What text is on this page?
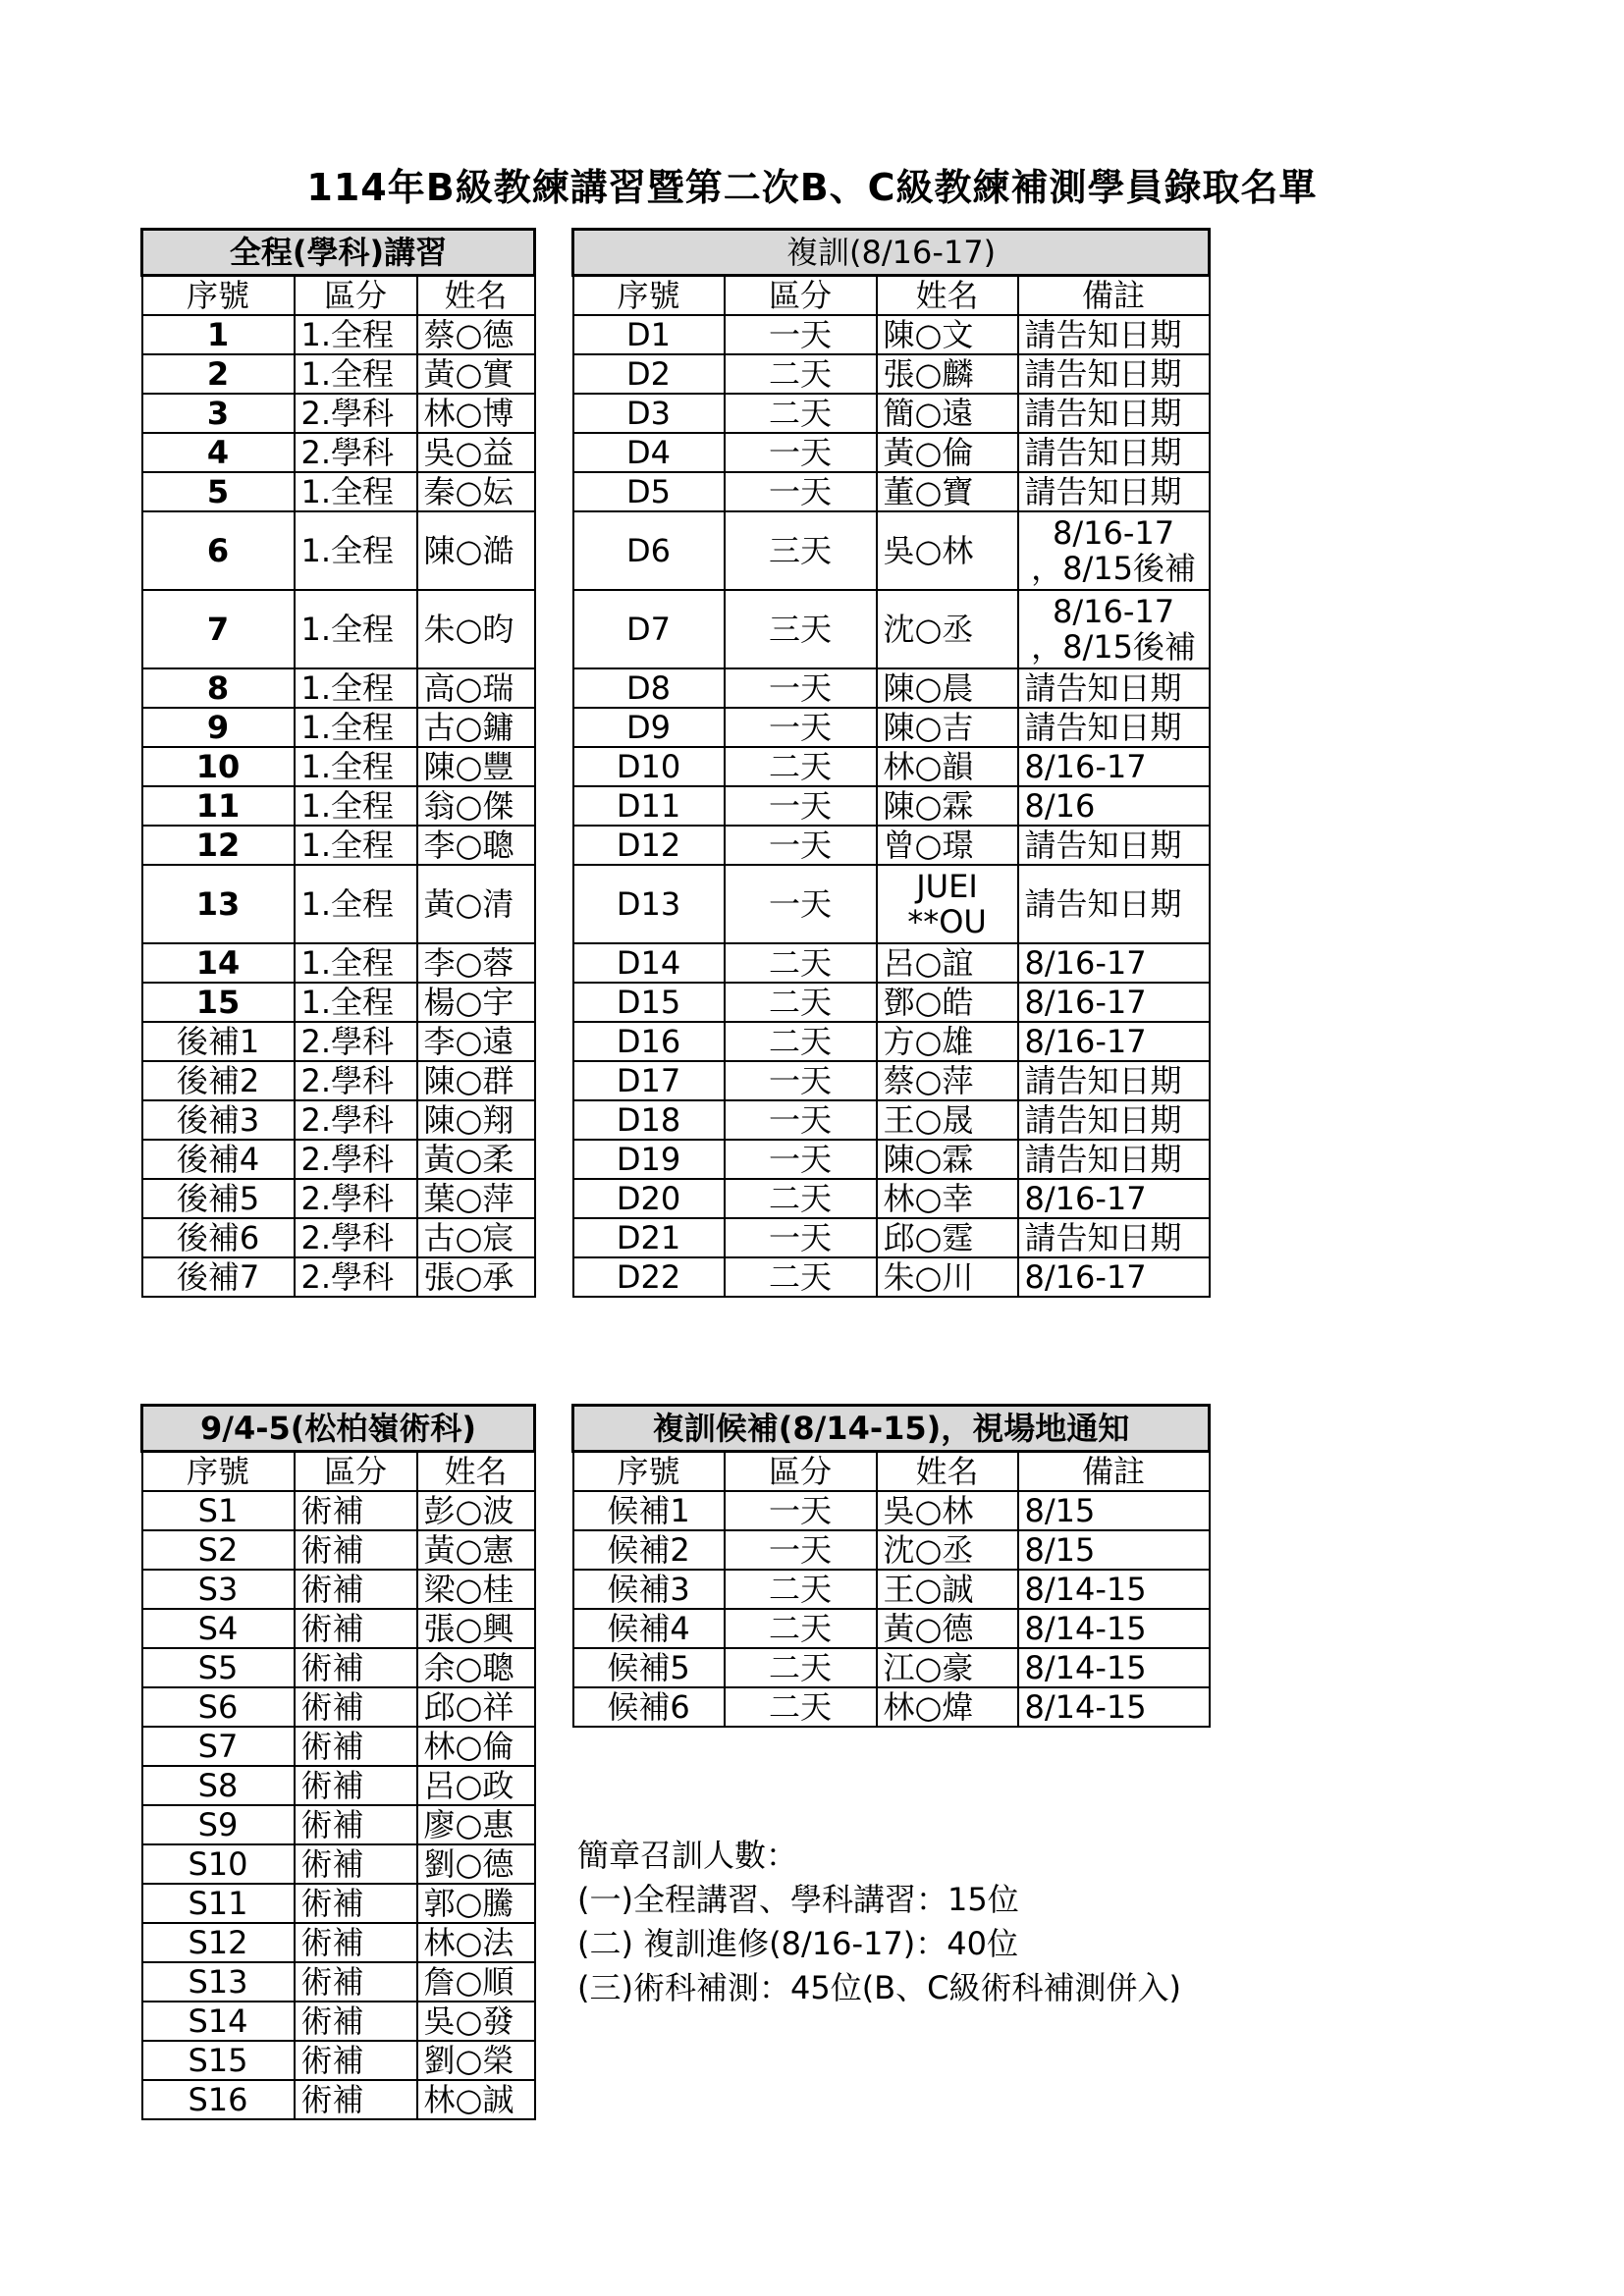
114年B級教練講習暨第二次B、C級教練補測學員錄取名單
全程(學科)講習		
序號	區分	姓名
1	1.全程	蔡○德
2	1.全程	黃○實
3	2.學科	林○博
4	2.學科	吳○益
5	1.全程	秦○妘
6	1.全程	陳○澔
7	1.全程	朱○昀
8	1.全程	高○瑞
9	1.全程	古○鏞
10	1.全程	陳○豐
11	1.全程	翁○傑
12	1.全程	李○聰
13	1.全程	黃○清
14	1.全程	李○蓉
15	1.全程	楊○宇
後補1	2.學科	李○遠
後補2	2.學科	陳○群
後補3	2.學科	陳○翔
後補4	2.學科	黃○柔
後補5	2.學科	葉○萍
後補6	2.學科	古○宸
後補7	2.學科	張○承
複訓(8/16-17)			
序號	區分	姓名	備註
D1	一天	陳○文	請告知日期
D2	二天	張○麟	請告知日期
D3	二天	簡○遠	請告知日期
D4	一天	黃○倫	請告知日期
D5	一天	董○寶	請告知日期
D6	三天	吳○林	8/16-17
，8/15後補
D7	三天	沈○丞	8/16-17
，8/15後補
D8	一天	陳○晨	請告知日期
D9	一天	陳○吉	請告知日期
D10	二天	林○韻	8/16-17
D11	一天	陳○霖	8/16
D12	一天	曾○璟	請告知日期
D13	一天	JUEI
**OU	請告知日期
D14	二天	呂○誼	8/16-17
D15	二天	鄧○皓	8/16-17
D16	二天	方○雄	8/16-17
D17	一天	蔡○萍	請告知日期
D18	一天	王○晟	請告知日期
D19	一天	陳○霖	請告知日期
D20	二天	林○幸	8/16-17
D21	一天	邱○霆	請告知日期
D22	二天	朱○川	8/16-17
9/4-5(松柏嶺術科)		
序號	區分	姓名
S1	術補	彭○波
S2	術補	黃○憲
S3	術補	梁○桂
S4	術補	張○興
S5	術補	余○聰
S6	術補	邱○祥
S7	術補	林○倫
S8	術補	呂○政
S9	術補	廖○惠
S10	術補	劉○德
S11	術補	郭○騰
S12	術補	林○法
S13	術補	詹○順
S14	術補	吳○發
S15	術補	劉○榮
S16	術補	林○誠
複訓候補(8/14-15)，視場地通知			
序號	區分	姓名	備註
候補1	一天	吳○林	8/15
候補2	一天	沈○丞	8/15
候補3	二天	王○誠	8/14-15
候補4	二天	黃○德	8/14-15
候補5	二天	江○豪	8/14-15
候補6	二天	林○煒	8/14-15
簡章召訓人數：
(一)全程講習、學科講習：15位
(二) 複訓進修(8/16-17)：40位
(三)術科補測：45位(B、C級術科補測併入)
